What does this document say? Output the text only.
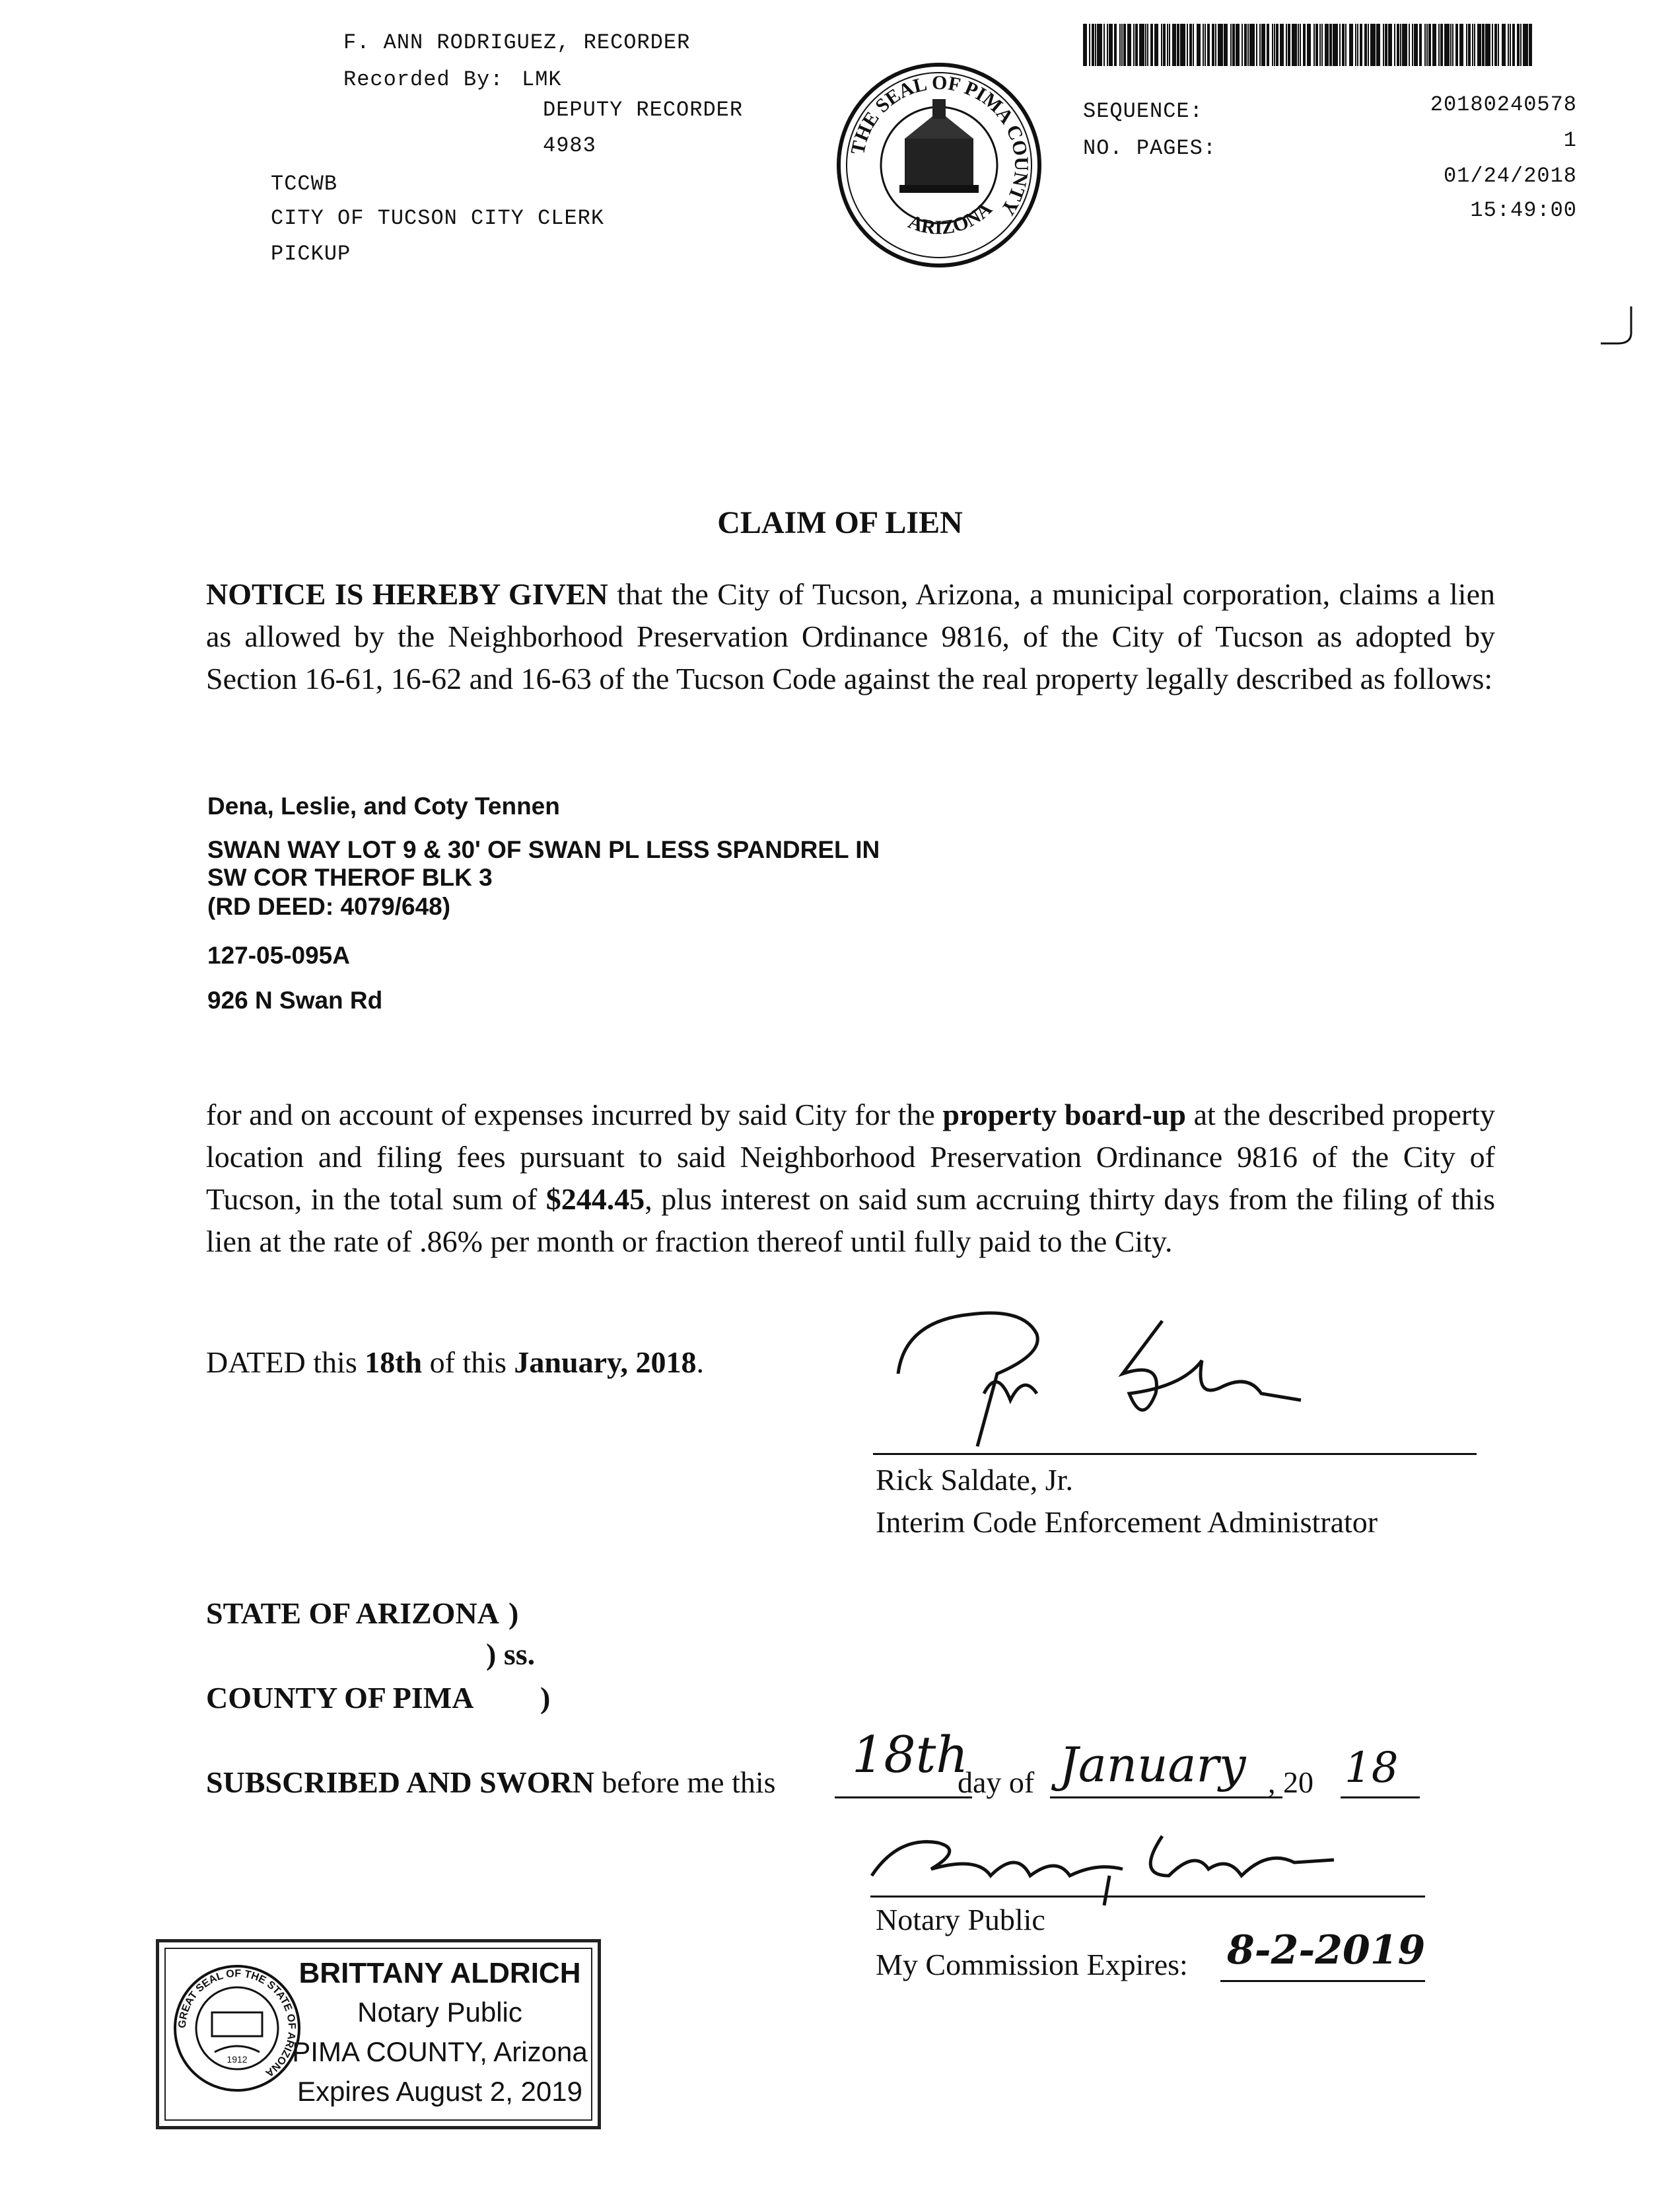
F. ANN RODRIGUEZ, RECORDER
Recorded By: LMK
DEPUTY RECORDER
4983
TCCWB
CITY OF TUCSON CITY CLERK
PICKUP
THE SEAL OF PIMA COUNTY
ARIZONA
SEQUENCE:	20180240578
NO. PAGES:	1
01/24/2018
15:49:00
CLAIM OF LIEN
NOTICE IS HEREBY GIVEN that the City of Tucson, Arizona, a municipal corporation, claims a lien as allowed by the Neighborhood Preservation Ordinance 9816, of the City of Tucson as adopted by Section 16-61, 16-62 and 16-63 of the Tucson Code against the real property legally described as follows:
Dena, Leslie, and Coty Tennen
SWAN WAY LOT 9 & 30' OF SWAN PL LESS SPANDREL IN
SW COR THEROF BLK 3
(RD DEED: 4079/648)
127-05-095A
926 N Swan Rd
for and on account of expenses incurred by said City for the property board-up at the described property location and filing fees pursuant to said Neighborhood Preservation Ordinance 9816 of the City of Tucson, in the total sum of $244.45, plus interest on said sum accruing thirty days from the filing of this lien at the rate of .86% per month or fraction thereof until fully paid to the City.
DATED this 18th of this January, 2018.
Rick Saldate, Jr.
Interim Code Enforcement Administrator
STATE OF ARIZONA )
) ss.
COUNTY OF PIMA )
SUBSCRIBED AND SWORN before me this 18th
day of January , 20 18
Notary Public
My Commission Expires: 8-2-2019
GREAT SEAL OF THE STATE OF ARIZONA
1912
BRITTANY ALDRICH
Notary Public
PIMA COUNTY, Arizona
Expires August 2, 2019
